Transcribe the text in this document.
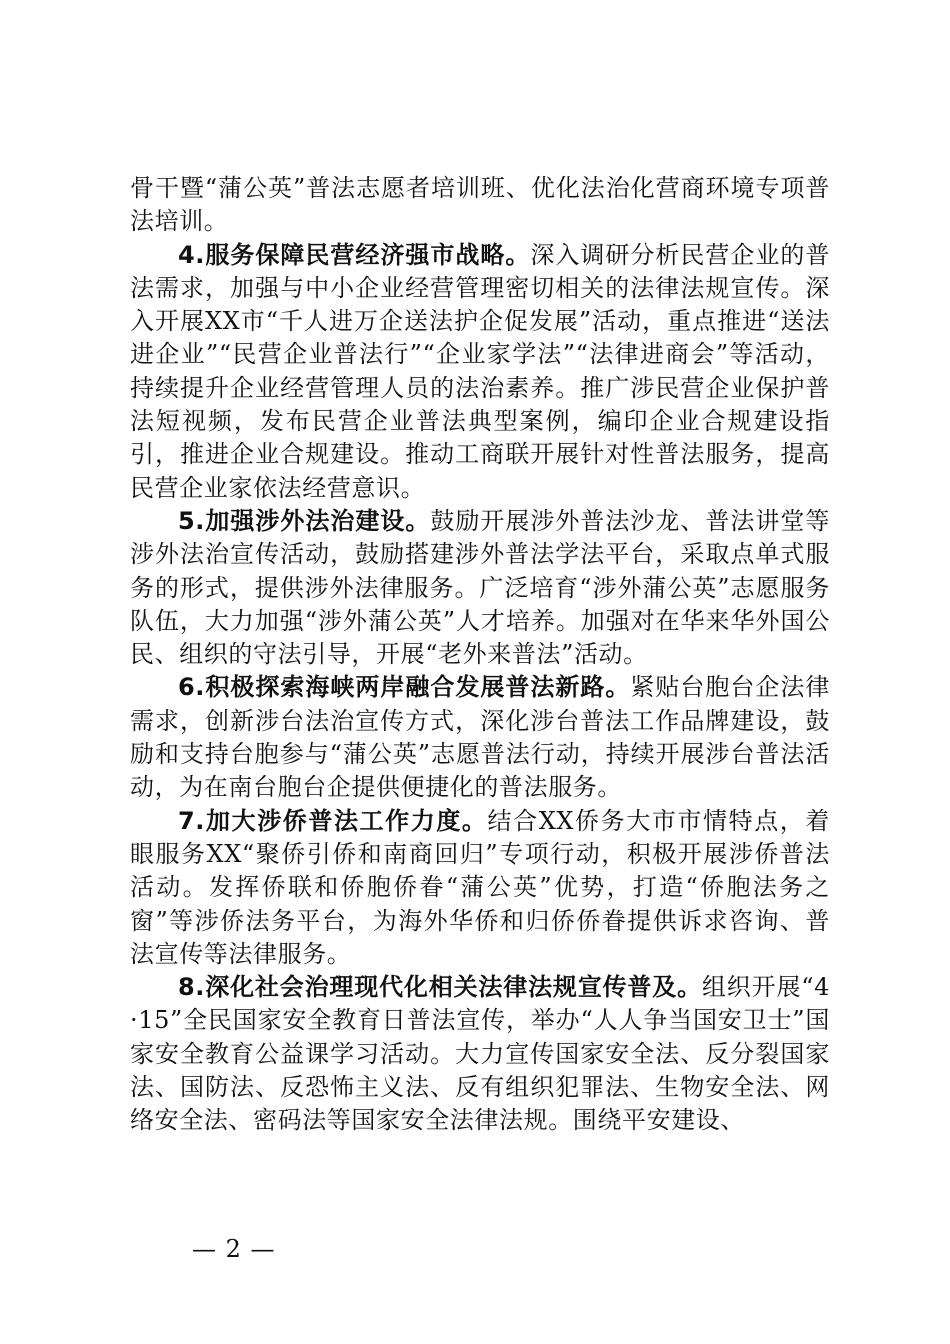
骨干暨“蒲公英”普法志愿者培训班、优化法治化营商环境专项普法培训。

4.服务保障民营经济强市战略。深入调研分析民营企业的普法需求，加强与中小企业经营管理密切相关的法律法规宣传。深入开展XX市“千人进万企送法护企促发展”活动，重点推进“送法进企业”“民营企业普法行”“企业家学法”“法律进商会”等活动，持续提升企业经营管理人员的法治素养。推广涉民营企业保护普法短视频，发布民营企业普法典型案例，编印企业合规建设指引，推进企业合规建设。推动工商联开展针对性普法服务，提高民营企业家依法经营意识。

5.加强涉外法治建设。鼓励开展涉外普法沙龙、普法讲堂等涉外法治宣传活动，鼓励搭建涉外普法学法平台，采取点单式服务的形式，提供涉外法律服务。广泛培育“涉外蒲公英”志愿服务队伍，大力加强“涉外蒲公英”人才培养。加强对在华来华外国公民、组织的守法引导，开展“老外来普法”活动。

6.积极探索海峡两岸融合发展普法新路。紧贴台胞台企法律需求，创新涉台法治宣传方式，深化涉台普法工作品牌建设，鼓励和支持台胞参与“蒲公英”志愿普法行动，持续开展涉台普法活动，为在南台胞台企提供便捷化的普法服务。

7.加大涉侨普法工作力度。结合XX侨务大市市情特点，着眼服务XX“聚侨引侨和南商回归”专项行动，积极开展涉侨普法活动。发挥侨联和侨胞侨眷“蒲公英”优势，打造“侨胞法务之窗”等涉侨法务平台，为海外华侨和归侨侨眷提供诉求咨询、普法宣传等法律服务。

8.深化社会治理现代化相关法律法规宣传普及。组织开展“4·15”全民国家安全教育日普法宣传，举办“人人争当国安卫士”国家安全教育公益课学习活动。大力宣传国家安全法、反分裂国家法、国防法、反恐怖主义法、反有组织犯罪法、生物安全法、网络安全法、密码法等国家安全法律法规。围绕平安建设、

— 2 —
